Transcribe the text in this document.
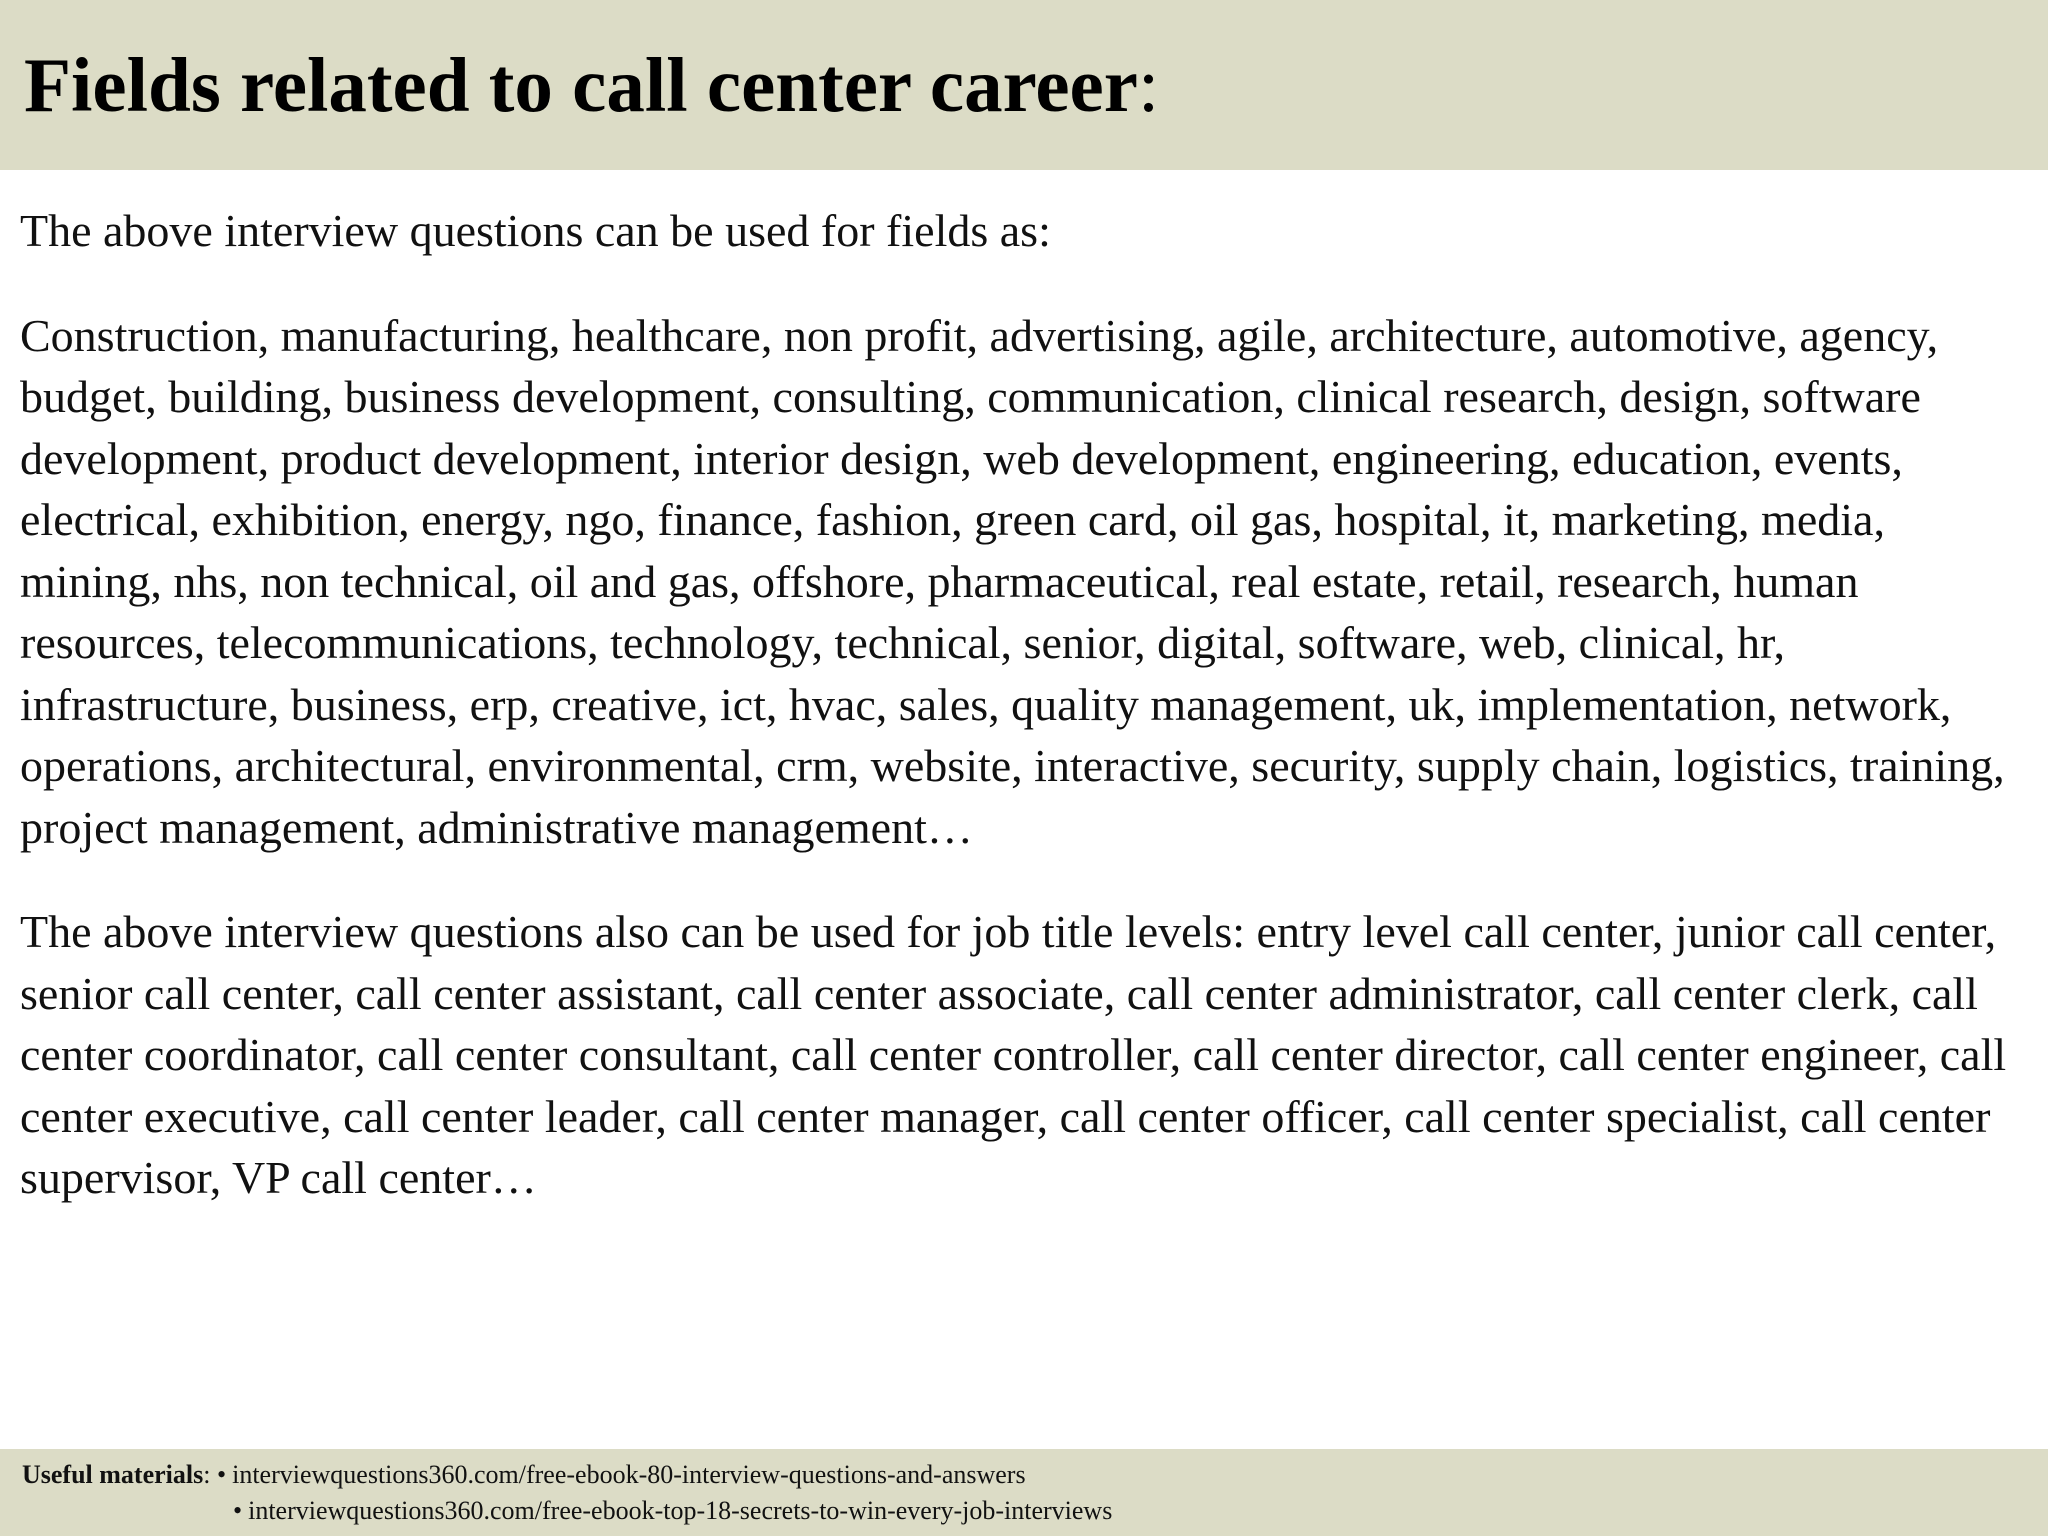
Fields related to call center career:

The above interview questions can be used for fields as:

Construction, manufacturing, healthcare, non profit, advertising, agile, architecture, automotive, agency, budget, building, business development, consulting, communication, clinical research, design, software development, product development, interior design, web development, engineering, education, events, electrical, exhibition, energy, ngo, finance, fashion, green card, oil gas, hospital, it, marketing, media, mining, nhs, non technical, oil and gas, offshore, pharmaceutical, real estate, retail, research, human resources, telecommunications, technology, technical, senior, digital, software, web, clinical, hr, infrastructure, business, erp, creative, ict, hvac, sales, quality management, uk, implementation, network, operations, architectural, environmental, crm, website, interactive, security, supply chain, logistics, training, project management, administrative management…

The above interview questions also can be used for job title levels: entry level call center, junior call center, senior call center, call center assistant, call center associate, call center administrator, call center clerk, call center coordinator, call center consultant, call center controller, call center director, call center engineer, call center executive, call center leader, call center manager, call center officer, call center specialist, call center supervisor, VP call center…

Useful materials: • interviewquestions360.com/free-ebook-80-interview-questions-and-answers
• interviewquestions360.com/free-ebook-top-18-secrets-to-win-every-job-interviews
